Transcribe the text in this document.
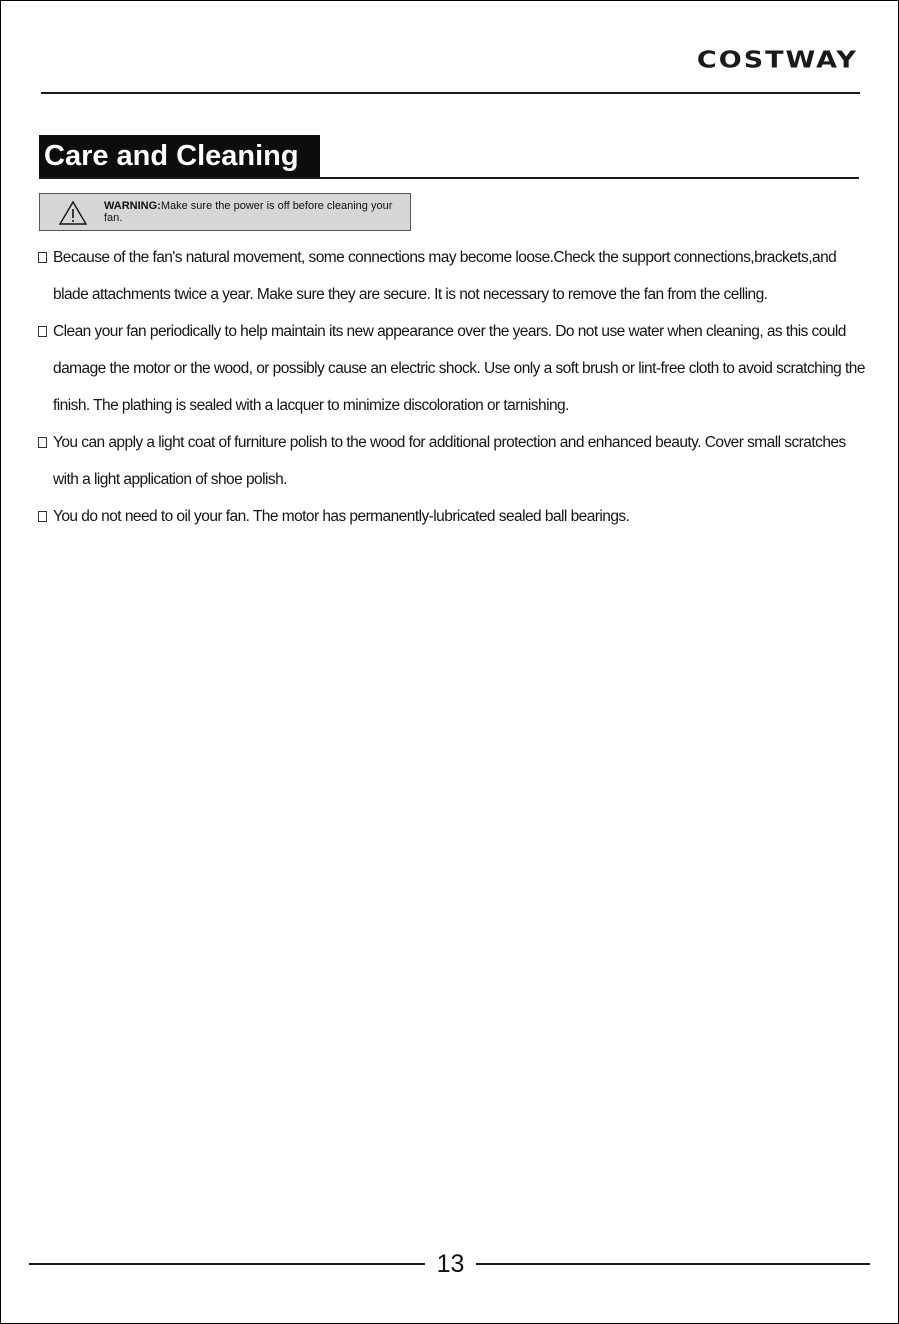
COSTWAY
Care and Cleaning
WARNING:Make sure the power is off before cleaning your fan.
Because of the fan's natural movement, some connections may become loose.Check the support connections,brackets,and blade attachments twice a year. Make sure they are secure. It is not necessary to remove the fan from the celling.
Clean your fan periodically to help maintain its new appearance over the years. Do not use water when cleaning, as this could damage the motor or the wood, or possibly cause an electric shock. Use only a soft brush or lint-free cloth to avoid scratching the finish. The plathing is sealed with a lacquer to minimize discoloration or tarnishing.
You can apply a light coat of furniture polish to the wood for additional protection and enhanced beauty. Cover small scratches with a light application of shoe polish.
You do not need to oil your fan. The motor has permanently-lubricated sealed ball bearings.
13
